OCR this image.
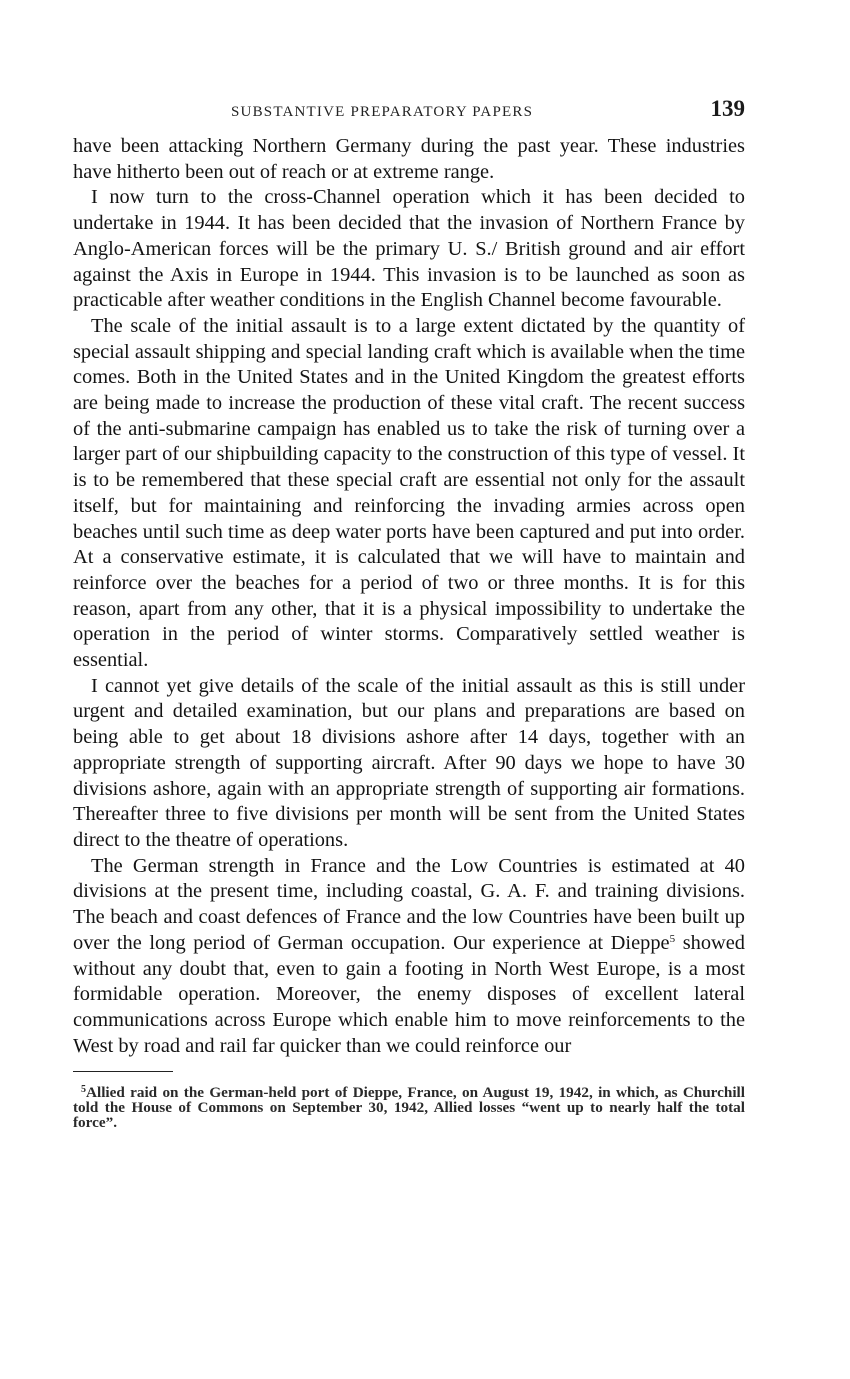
SUBSTANTIVE PREPARATORY PAPERS	139

have been attacking Northern Germany during the past year. These industries have hitherto been out of reach or at extreme range.

I now turn to the cross-Channel operation which it has been decided to undertake in 1944. It has been decided that the invasion of Northern France by Anglo-American forces will be the primary U. S./ British ground and air effort against the Axis in Europe in 1944. This invasion is to be launched as soon as practicable after weather conditions in the English Channel become favourable.

The scale of the initial assault is to a large extent dictated by the quantity of special assault shipping and special landing craft which is available when the time comes. Both in the United States and in the United Kingdom the greatest efforts are being made to increase the production of these vital craft. The recent success of the anti-submarine campaign has enabled us to take the risk of turning over a larger part of our shipbuilding capacity to the construction of this type of vessel. It is to be remembered that these special craft are essential not only for the assault itself, but for maintaining and reinforcing the invading armies across open beaches until such time as deep water ports have been captured and put into order. At a conservative estimate, it is calculated that we will have to maintain and reinforce over the beaches for a period of two or three months. It is for this reason, apart from any other, that it is a physical impossibility to undertake the operation in the period of winter storms. Comparatively settled weather is essential.

I cannot yet give details of the scale of the initial assault as this is still under urgent and detailed examination, but our plans and preparations are based on being able to get about 18 divisions ashore after 14 days, together with an appropriate strength of supporting aircraft. After 90 days we hope to have 30 divisions ashore, again with an appropriate strength of supporting air formations. Thereafter three to five divisions per month will be sent from the United States direct to the theatre of operations.

The German strength in France and the Low Countries is estimated at 40 divisions at the present time, including coastal, G. A. F. and training divisions. The beach and coast defences of France and the low Countries have been built up over the long period of German occupation. Our experience at Dieppe$^5$ showed without any doubt that, even to gain a footing in North West Europe, is a most formidable operation. Moreover, the enemy disposes of excellent lateral communications across Europe which enable him to move reinforcements to the West by road and rail far quicker than we could reinforce our

$^5$Allied raid on the German-held port of Dieppe, France, on August 19, 1942, in which, as Churchill told the House of Commons on September 30, 1942, Allied losses “went up to nearly half the total force”.
